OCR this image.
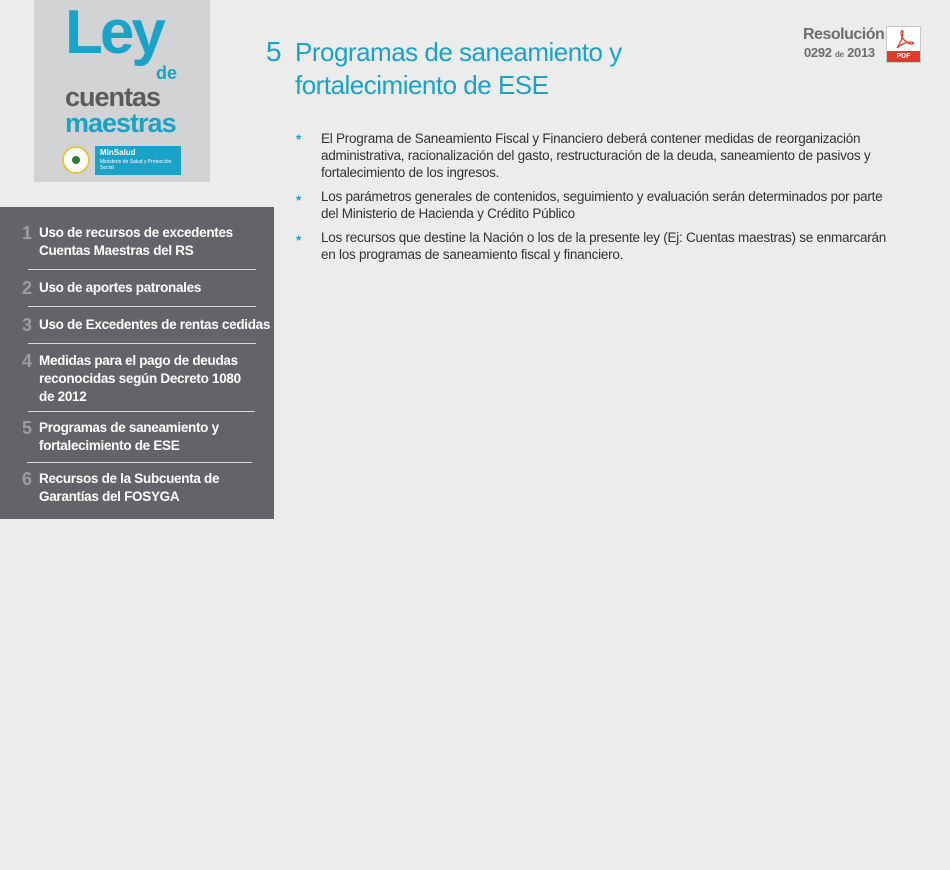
Ley
de
cuentas
maestras
MinSalud
Ministerio de Salud y Protección Social
1 Uso de recursos de excedentes Cuentas Maestras del RS
2 Uso de aportes patronales
3 Uso de Excedentes de rentas cedidas
4 Medidas para el pago de deudas reconocidas según Decreto 1080 de 2012
5 Programas de saneamiento y fortalecimiento de ESE
6 Recursos de la Subcuenta de Garantías del FOSYGA
5 Programas de saneamiento y fortalecimiento de ESE
Resolución
0292 de 2013	PDF
* El Programa de Saneamiento Fiscal y Financiero deberá contener medidas de reorganización administrativa, racionalización del gasto, restructuración de la deuda, saneamiento de pasivos y fortalecimiento de los ingresos.
* Los parámetros generales de contenidos, seguimiento y evaluación serán determinados por parte del Ministerio de Hacienda y Crédito Público
* Los recursos que destine la Nación o los de la presente ley (Ej: Cuentas maestras) se enmarcarán en los programas de saneamiento fiscal y financiero.
